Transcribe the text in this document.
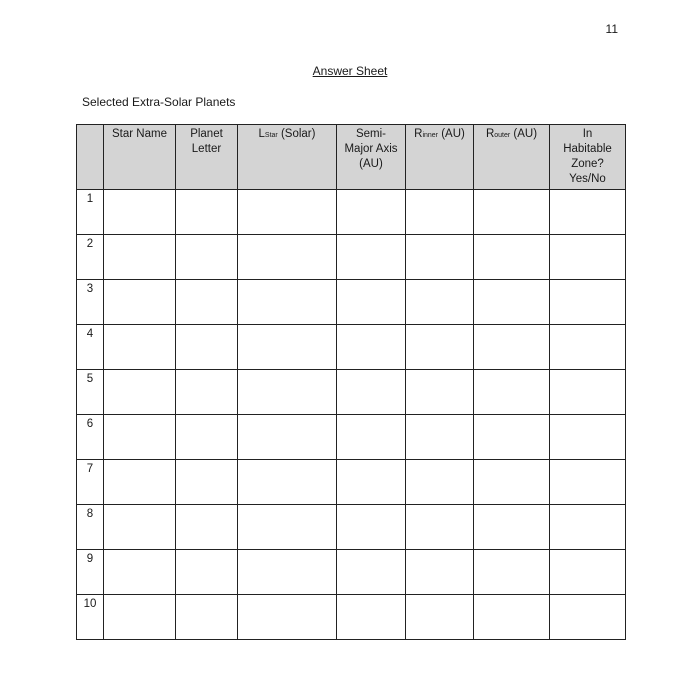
11
Answer Sheet
Selected Extra-Solar Planets
	Star Name	Planet Letter	LStar (Solar)	Semi-Major Axis (AU)	Rinner (AU)	Router (AU)	In Habitable Zone? Yes/No
1							
2							
3							
4							
5							
6							
7							
8							
9							
10							
